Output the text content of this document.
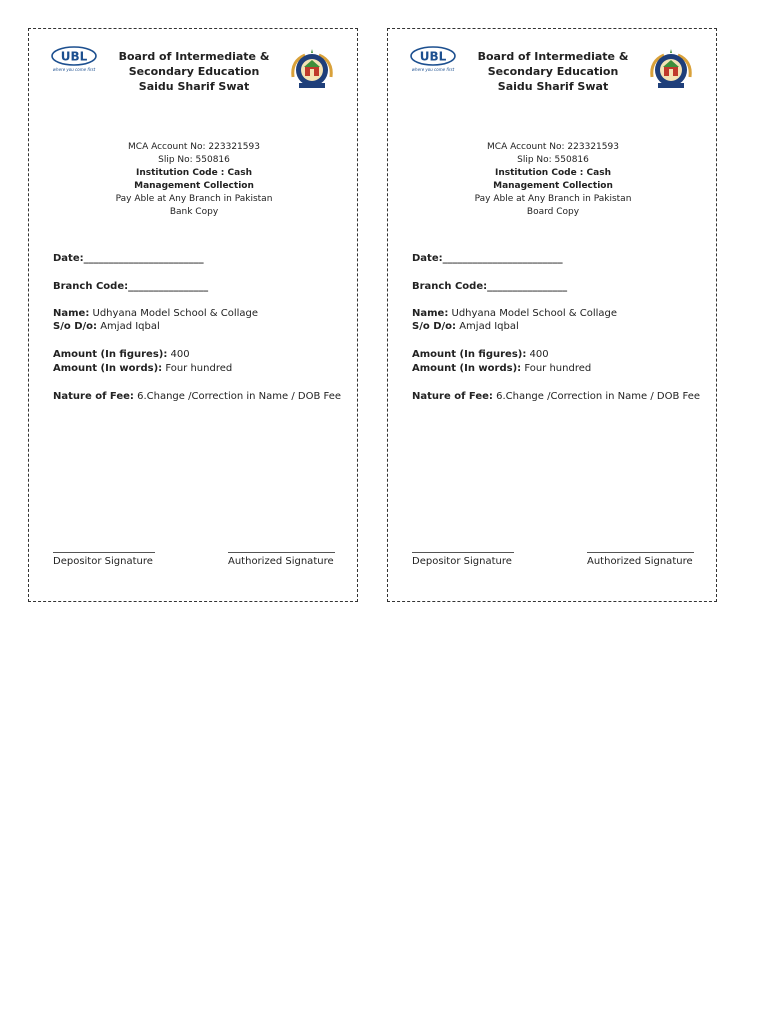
UBL
where you come first
Board of Intermediate &
Secondary Education
Saidu Sharif Swat
MCA Account No: 223321593
Slip No: 550816
Institution Code : Cash
Management Collection
Pay Able at Any Branch in Pakistan
Bank Copy
Date:________________________
Branch Code:________________
Name: Udhyana Model School & Collage
S/o D/o: Amjad Iqbal
Amount (In figures): 400
Amount (In words): Four hundred
Nature of Fee: 6.Change /Correction in Name / DOB Fee
Depositor Signature	Authorized Signature
UBL
where you come first
Board of Intermediate &
Secondary Education
Saidu Sharif Swat
MCA Account No: 223321593
Slip No: 550816
Institution Code : Cash
Management Collection
Pay Able at Any Branch in Pakistan
Board Copy
Date:________________________
Branch Code:________________
Name: Udhyana Model School & Collage
S/o D/o: Amjad Iqbal
Amount (In figures): 400
Amount (In words): Four hundred
Nature of Fee: 6.Change /Correction in Name / DOB Fee
Depositor Signature	Authorized Signature
